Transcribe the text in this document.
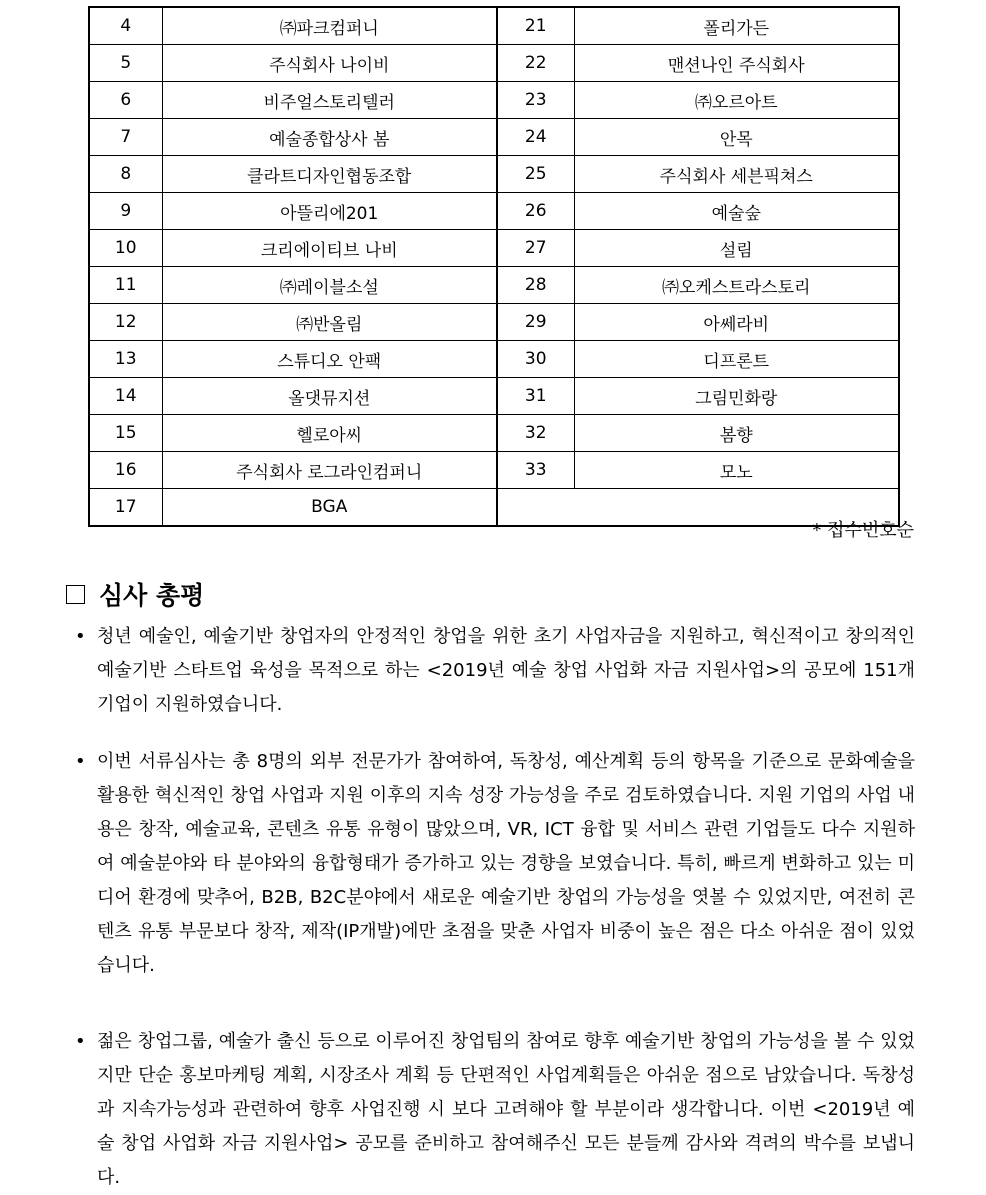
4	㈜파크컴퍼니	21	폴리가든
5	주식회사 나이비	22	맨션나인 주식회사
6	비주얼스토리텔러	23	㈜오르아트
7	예술종합상사 봄	24	안목
8	클라트디자인협동조합	25	주식회사 세븐픽쳐스
9	아뜰리에201	26	예술숲
10	크리에이티브 나비	27	설림
11	㈜레이블소설	28	㈜오케스트라스토리
12	㈜반올림	29	아쎄라비
13	스튜디오 안팩	30	디프론트
14	올댓뮤지션	31	그림민화랑
15	헬로아씨	32	봄향
16	주식회사 로그라인컴퍼니	33	모노
17	BGA		
* 접수번호순
심사 총평
• 청년 예술인, 예술기반 창업자의 안정적인 창업을 위한 초기 사업자금을 지원하고, 혁신적이고 창의적인 예술기반 스타트업 육성을 목적으로 하는 <2019년 예술 창업 사업화 자금 지원사업>의 공모에 151개 기업이 지원하였습니다.
• 이번 서류심사는 총 8명의 외부 전문가가 참여하여, 독창성, 예산계획 등의 항목을 기준으로 문화예술을 활용한 혁신적인 창업 사업과 지원 이후의 지속 성장 가능성을 주로 검토하였습니다. 지원 기업의 사업 내용은 창작, 예술교육, 콘텐츠 유통 유형이 많았으며, VR, ICT 융합 및 서비스 관련 기업들도 다수 지원하여 예술분야와 타 분야와의 융합형태가 증가하고 있는 경향을 보였습니다. 특히, 빠르게 변화하고 있는 미디어 환경에 맞추어, B2B, B2C분야에서 새로운 예술기반 창업의 가능성을 엿볼 수 있었지만, 여전히 콘텐츠 유통 부문보다 창작, 제작(IP개발)에만 초점을 맞춘 사업자 비중이 높은 점은 다소 아쉬운 점이 있었습니다.
• 젊은 창업그룹, 예술가 출신 등으로 이루어진 창업팀의 참여로 향후 예술기반 창업의 가능성을 볼 수 있었지만 단순 홍보마케팅 계획, 시장조사 계획 등 단편적인 사업계획들은 아쉬운 점으로 남았습니다. 독창성과 지속가능성과 관련하여 향후 사업진행 시 보다 고려해야 할 부분이라 생각합니다. 이번 <2019년 예술 창업 사업화 자금 지원사업> 공모를 준비하고 참여해주신 모든 분들께 감사와 격려의 박수를 보냅니다.
